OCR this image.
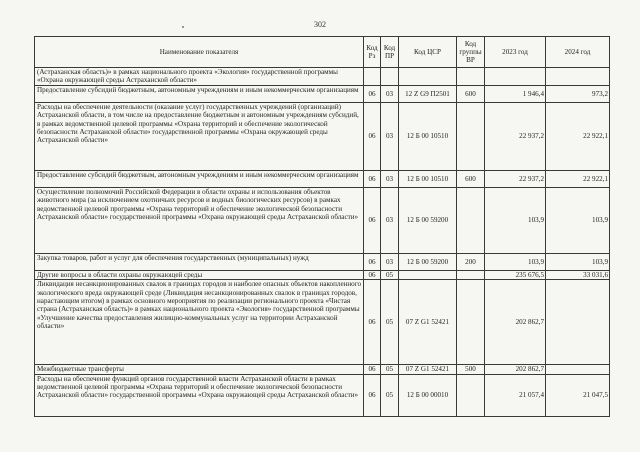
302
Наименование показателя	Код Рз	Код ПР	Код ЦСР	Код группы ВР	2023 год	2024 год
(Астраханская область)» в рамках национального проекта «Экология» государственной программы «Охрана окружающей среды Астраханской области»						
Предоставление субсидий бюджетным, автономным учреждениям и иным некоммерческим организациям	06	03	12 Z G9 П2501	600	1 946,4	973,2
Расходы на обеспечение деятельности (оказание услуг) государственных учреждений (организаций) Астраханской области, в том числе на предоставление бюджетным и автономным учреждениям субсидий, в рамках ведомственной целевой программы «Охрана территорий и обеспечение экологической безопасности Астраханской области» государственной программы «Охрана окружающей среды Астраханской области»	06	03	12 Б 00 10510		22 937,2	22 922,1
Предоставление субсидий бюджетным, автономным учреждениям и иным некоммерческим организациям	06	03	12 Б 00 10510	600	22 937,2	22 922,1
Осуществление полномочий Российской Федерации в области охраны и использования объектов животного мира (за исключением охотничьих ресурсов и водных биологических ресурсов) в рамках ведомственной целевой программы «Охрана территорий и обеспечение экологической безопасности Астраханской области» государственной программы «Охрана окружающей среды Астраханской области»	06	03	12 Б 00 59200		103,9	103,9
Закупка товаров, работ и услуг для обеспечения государственных (муниципальных) нужд	06	03	12 Б 00 59200	200	103,9	103,9
Другие вопросы в области охраны окружающей среды	06	05			235 676,5	33 031,6
Ликвидация несанкционированных свалок в границах городов и наиболее опасных объектов накопленного экологического вреда окружающей среде (Ликвидация несанкционированных свалок в границах городов, нарастающим итогом) в рамках основного мероприятия по реализации регионального проекта «Чистая страна (Астраханская область)» в рамках национального проекта «Экология» государственной программы «Улучшение качества предоставления жилищно-коммунальных услуг на территории Астраханской области»	06	05	07 Z G1 52421		202 862,7	
Межбюджетные трансферты	06	05	07 Z G1 52421	500	202 862,7	
Расходы на обеспечение функций органов государственной власти Астраханской области в рамках ведомственной целевой программы «Охрана территорий и обеспечение экологической безопасности Астраханской области» государственной программы «Охрана окружающей среды Астраханской области»	06	05	12 Б 00 00010		21 057,4	21 047,5
